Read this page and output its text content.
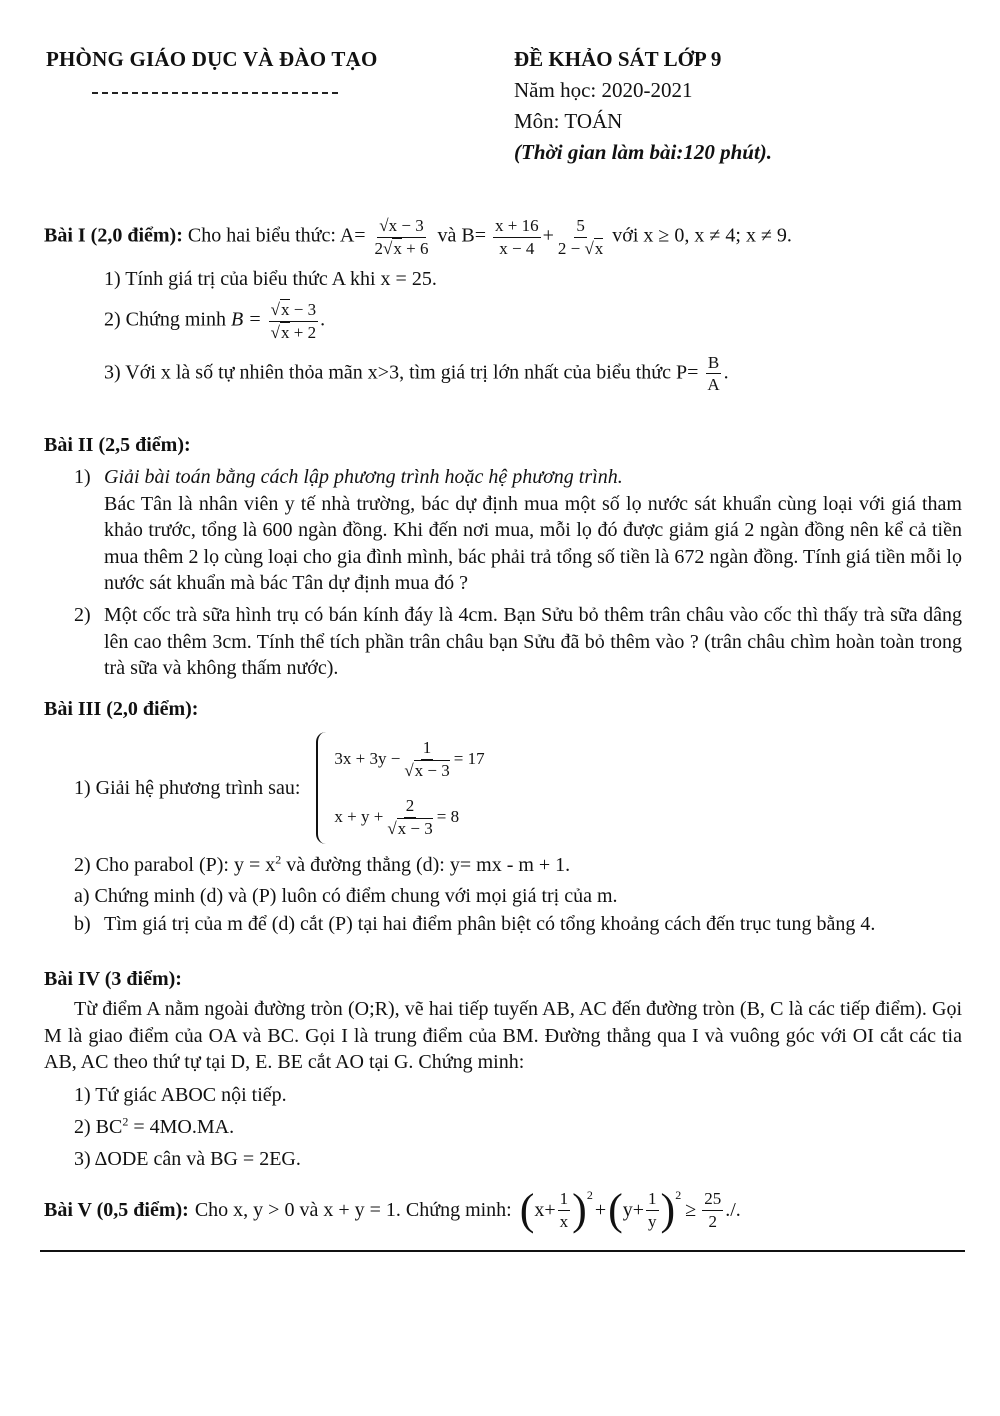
PHÒNG GIÁO DỤC VÀ ĐÀO TẠO	ĐỀ KHẢO SÁT LỚP 9
Năm học: 2020-2021
Môn: TOÁN
(Thời gian làm bài:120 phút).
Bài I (2,0 điểm): Cho hai biểu thức: A= √ $\frac{x - 3}{2 √ x + 6}$ và $B= \frac{x + 16}{x - 4} + \frac{5}{2 - √ x}$ với x ≥ 0, x ≠ 4; x ≠ 9.
1) Tính giá trị của biểu thức A khi x = 25.
2) Chứng minh B = √ x − 3
√ x + 2 .
3) Với x là số tự nhiên thỏa mãn x>3, tìm giá trị lớn nhất của biểu thức $P= \frac{B}{A}$ .
Bài II (2,5 điểm):
1) Giải bài toán bằng cách lập phương trình hoặc hệ phương trình.
Bác Tân là nhân viên y tế nhà trường, bác dự định mua một số lọ nước sát khuẩn cùng loại với giá tham khảo trước, tổng là 600 ngàn đồng. Khi đến nơi mua, mỗi lọ đó được giảm giá 2 ngàn đồng nên kể cả tiền mua thêm 2 lọ cùng loại cho gia đình mình, bác phải trả tổng số tiền là 672 ngàn đồng. Tính giá tiền mỗi lọ nước sát khuẩn mà bác Tân dự định mua đó ?
2) Một cốc trà sữa hình trụ có bán kính đáy là 4cm. Bạn Sửu bỏ thêm trân châu vào cốc thì thấy trà sữa dâng lên cao thêm 3cm. Tính thể tích phần trân châu bạn Sửu đã bỏ thêm vào ? (trân châu chìm hoàn toàn trong trà sữa và không thấm nước).
Bài III (2,0 điểm):
1) Giải hệ phương trình sau:
3x + 3y − 1
√ x − 3 = 17
x + y + 2
√ x − 3 = 8
2) Cho parabol (P): $y = x^2$ và đường thẳng (d): y= mx - m + 1.
a) Chứng minh (d) và (P) luôn có điểm chung với mọi giá trị của m.
b) Tìm giá trị của m để (d) cắt (P) tại hai điểm phân biệt có tổng khoảng cách đến trục tung bằng 4.
Bài IV (3 điểm):
Từ điểm A nằm ngoài đường tròn (O;R), vẽ hai tiếp tuyến AB, AC đến đường tròn (B, C là các tiếp điểm). Gọi M là giao điểm của OA và BC. Gọi I là trung điểm của BM. Đường thẳng qua I và vuông góc với OI cắt các tia AB, AC theo thứ tự tại D, E. BE cắt AO tại G. Chứng minh:
1) Tứ giác ABOC nội tiếp.
2) $BC^2 = 4MO.MA$.
3) ΔODE cân và BG = 2EG.
Bài V (0,5 điểm): Cho x, y > 0 và x + y = 1. Chứng minh: ( $x+ \frac{1}{x} )^2$
+ ( $y+ \frac{1}{y} )^2$
≥ $\frac{25}{2}$ ./.
